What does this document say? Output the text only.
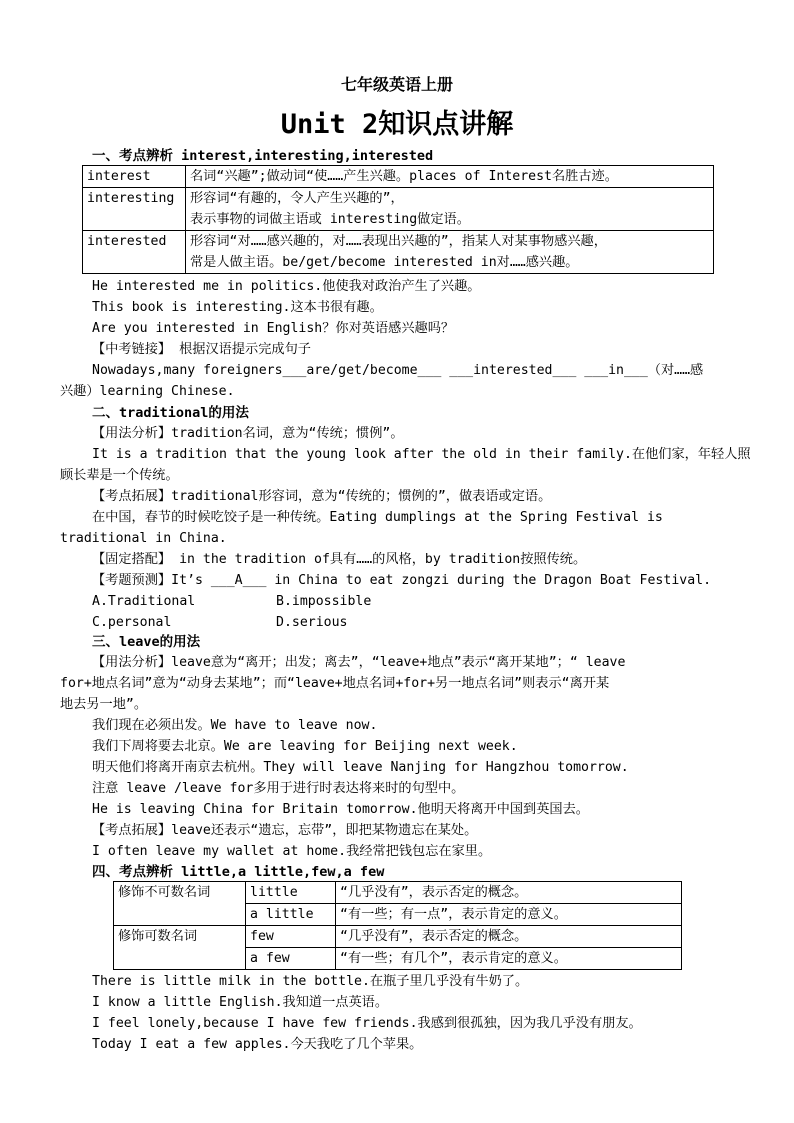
七年级英语上册
Unit 2知识点讲解
一、考点辨析 interest,interesting,interested
interest	名词“兴趣”;做动词“使……产生兴趣。places of Interest名胜古迹。
interesting	形容词“有趣的，令人产生兴趣的”，
表示事物的词做主语或 interesting做定语。

interested	形容词“对……感兴趣的，对……表现出兴趣的”，指某人对某事物感兴趣，
常是人做主语。be/get/become interested in对……感兴趣。
He interested me in politics.他使我对政治产生了兴趣。
This book is interesting.这本书很有趣。
Are you interested in English？你对英语感兴趣吗？
【中考链接】 根据汉语提示完成句子
Nowadays,many foreigners___are/get/become___ ___interested___ ___in___（对……感
兴趣）learning Chinese.
二、traditional的用法
【用法分析】tradition名词，意为“传统；惯例”。
It is a tradition that the young look after the old in their family.在他们家，年轻人照
顾长辈是一个传统。
【考点拓展】traditional形容词，意为“传统的；惯例的”，做表语或定语。
在中国，春节的时候吃饺子是一种传统。Eating dumplings at the Spring Festival is
traditional in China.
【固定搭配】 in the tradition of具有……的风格，by tradition按照传统。
【考题预测】It’s ___A___ in China to eat zongzi during the Dragon Boat Festival.
A.Traditional	B.impossible
C.personal	D.serious
三、leave的用法
【用法分析】leave意为“离开；出发；离去”，“leave+地点”表示“离开某地”；“ leave
for+地点名词”意为“动身去某地”；而“leave+地点名词+for+另一地点名词”则表示“离开某
地去另一地”。
我们现在必须出发。We have to leave now.
我们下周将要去北京。We are leaving for Beijing next week.
明天他们将离开南京去杭州。They will leave Nanjing for Hangzhou tomorrow.
注意 leave /leave for多用于进行时表达将来时的句型中。
He is leaving China for Britain tomorrow.他明天将离开中国到英国去。
【考点拓展】leave还表示“遗忘，忘带”，即把某物遗忘在某处。
I often leave my wallet at home.我经常把钱包忘在家里。
四、考点辨析 little,a little,few,a few
修饰不可数名词	little	“几乎没有”，表示否定的概念。
	a little	“有一些；有一点”，表示肯定的意义。
修饰可数名词	few	“几乎没有”，表示否定的概念。
	a few	“有一些；有几个”，表示肯定的意义。
There is little milk in the bottle.在瓶子里几乎没有牛奶了。
I know a little English.我知道一点英语。
I feel lonely,because I have few friends.我感到很孤独，因为我几乎没有朋友。
Today I eat a few apples.今天我吃了几个苹果。
